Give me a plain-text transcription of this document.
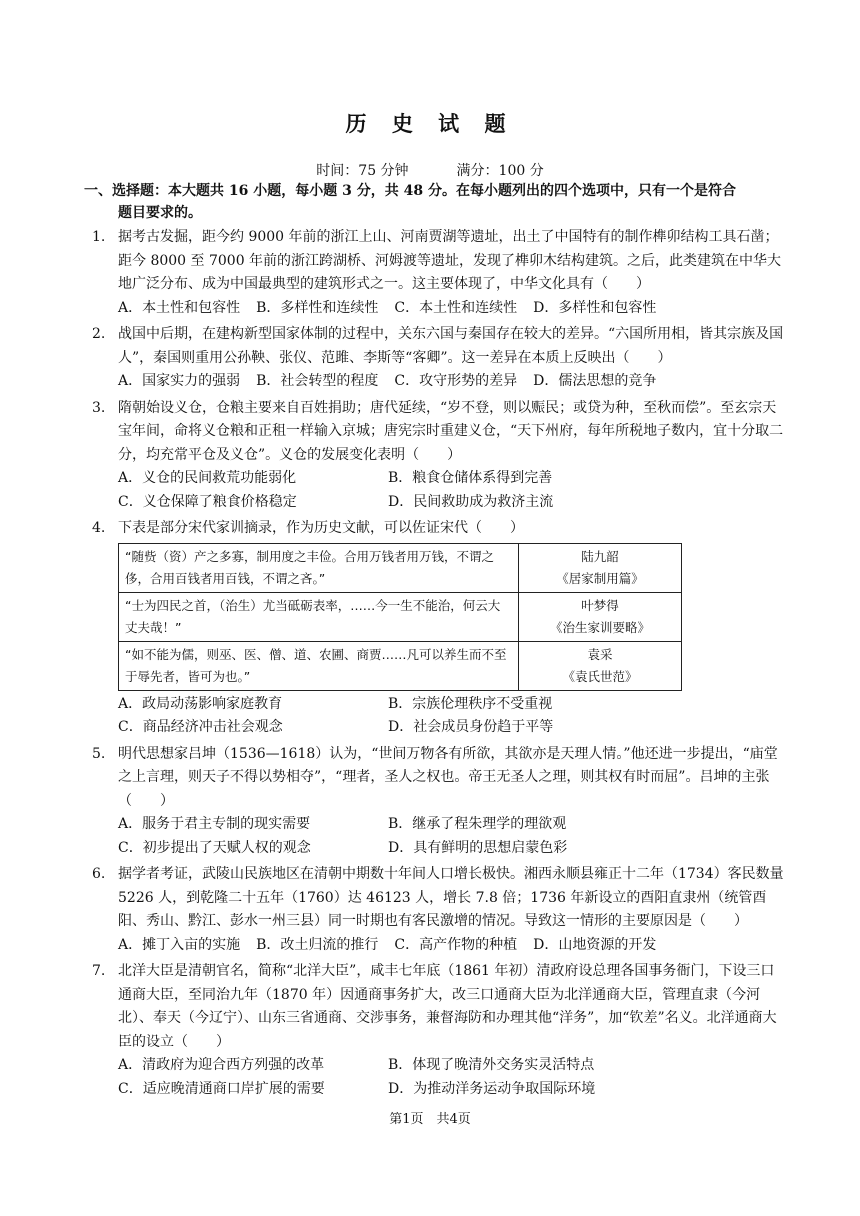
历 史 试 题
时间：75 分钟	满分：100 分
一、选择题：本大题共 16 小题，每小题 3 分，共 48 分。在每小题列出的四个选项中，只有一个是符合
题目要求的。
1. 据考古发掘，距今约 9000 年前的浙江上山、河南贾湖等遗址，出土了中国特有的制作榫卯结构工具石凿；距今 8000 至 7000 年前的浙江跨湖桥、河姆渡等遗址，发现了榫卯木结构建筑。之后，此类建筑在中华大地广泛分布、成为中国最典型的建筑形式之一。这主要体现了，中华文化具有（　　）
A．本土性和包容性 B．多样性和连续性 C．本土性和连续性 D．多样性和包容性
2. 战国中后期，在建构新型国家体制的过程中，关东六国与秦国存在较大的差异。“六国所用相，皆其宗族及国人”，秦国则重用公孙鞅、张仪、范雎、李斯等“客卿”。这一差异在本质上反映出（　　）
A．国家实力的强弱 B．社会转型的程度 C．攻守形势的差异 D．儒法思想的竞争
3. 隋朝始设义仓，仓粮主要来自百姓捐助；唐代延续，“岁不登，则以赈民；或贷为种，至秋而偿”。至玄宗天宝年间，命将义仓粮和正租一样输入京城；唐宪宗时重建义仓，“天下州府，每年所税地子数内，宜十分取二分，均充常平仓及义仓”。义仓的发展变化表明（　　）
A．义仓的民间救荒功能弱化	B．粮食仓储体系得到完善
C．义仓保障了粮食价格稳定	D．民间救助成为救济主流
4. 下表是部分宋代家训摘录，作为历史文献，可以佐证宋代（　　）
“随赀（资）产之多寡，制用度之丰俭。合用万钱者用万钱，不谓之侈，合用百钱者用百钱，不谓之吝。”	陆九韶
《居家制用篇》

“士为四民之首，（治生）尤当砥砺表率，……今一生不能治，何云大丈夫哉！”	叶梦得
《治生家训要略》

“如不能为儒，则巫、医、僧、道、农圃、商贾……凡可以养生而不至于辱先者，皆可为也。”	袁采
《袁氏世范》
A．政局动荡影响家庭教育	B．宗族伦理秩序不受重视
C．商品经济冲击社会观念	D．社会成员身份趋于平等
5. 明代思想家吕坤（1536—1618）认为，“世间万物各有所欲，其欲亦是天理人情。”他还进一步提出，“庙堂之上言理，则天子不得以势相夺”，“理者，圣人之权也。帝王无圣人之理，则其权有时而屈”。吕坤的主张（　　）
A．服务于君主专制的现实需要	B．继承了程朱理学的理欲观
C．初步提出了天赋人权的观念	D．具有鲜明的思想启蒙色彩
6. 据学者考证，武陵山民族地区在清朝中期数十年间人口增长极快。湘西永顺县雍正十二年（1734）客民数量 5226 人，到乾隆二十五年（1760）达 46123 人，增长 7.8 倍；1736 年新设立的酉阳直隶州（统管酉阳、秀山、黔江、彭水一州三县）同一时期也有客民激增的情况。导致这一情形的主要原因是（　　）
A．摊丁入亩的实施 B．改土归流的推行 C．高产作物的种植 D．山地资源的开发
7. 北洋大臣是清朝官名，简称“北洋大臣”，咸丰七年底（1861 年初）清政府设总理各国事务衙门，下设三口通商大臣，至同治九年（1870 年）因通商事务扩大，改三口通商大臣为北洋通商大臣，管理直隶（今河北）、奉天（今辽宁）、山东三省通商、交涉事务，兼督海防和办理其他“洋务”，加“钦差”名义。北洋通商大臣的设立（　　）
A．清政府为迎合西方列强的改革	B．体现了晚清外交务实灵活特点
C．适应晚清通商口岸扩展的需要	D．为推动洋务运动争取国际环境
第1页　共4页
